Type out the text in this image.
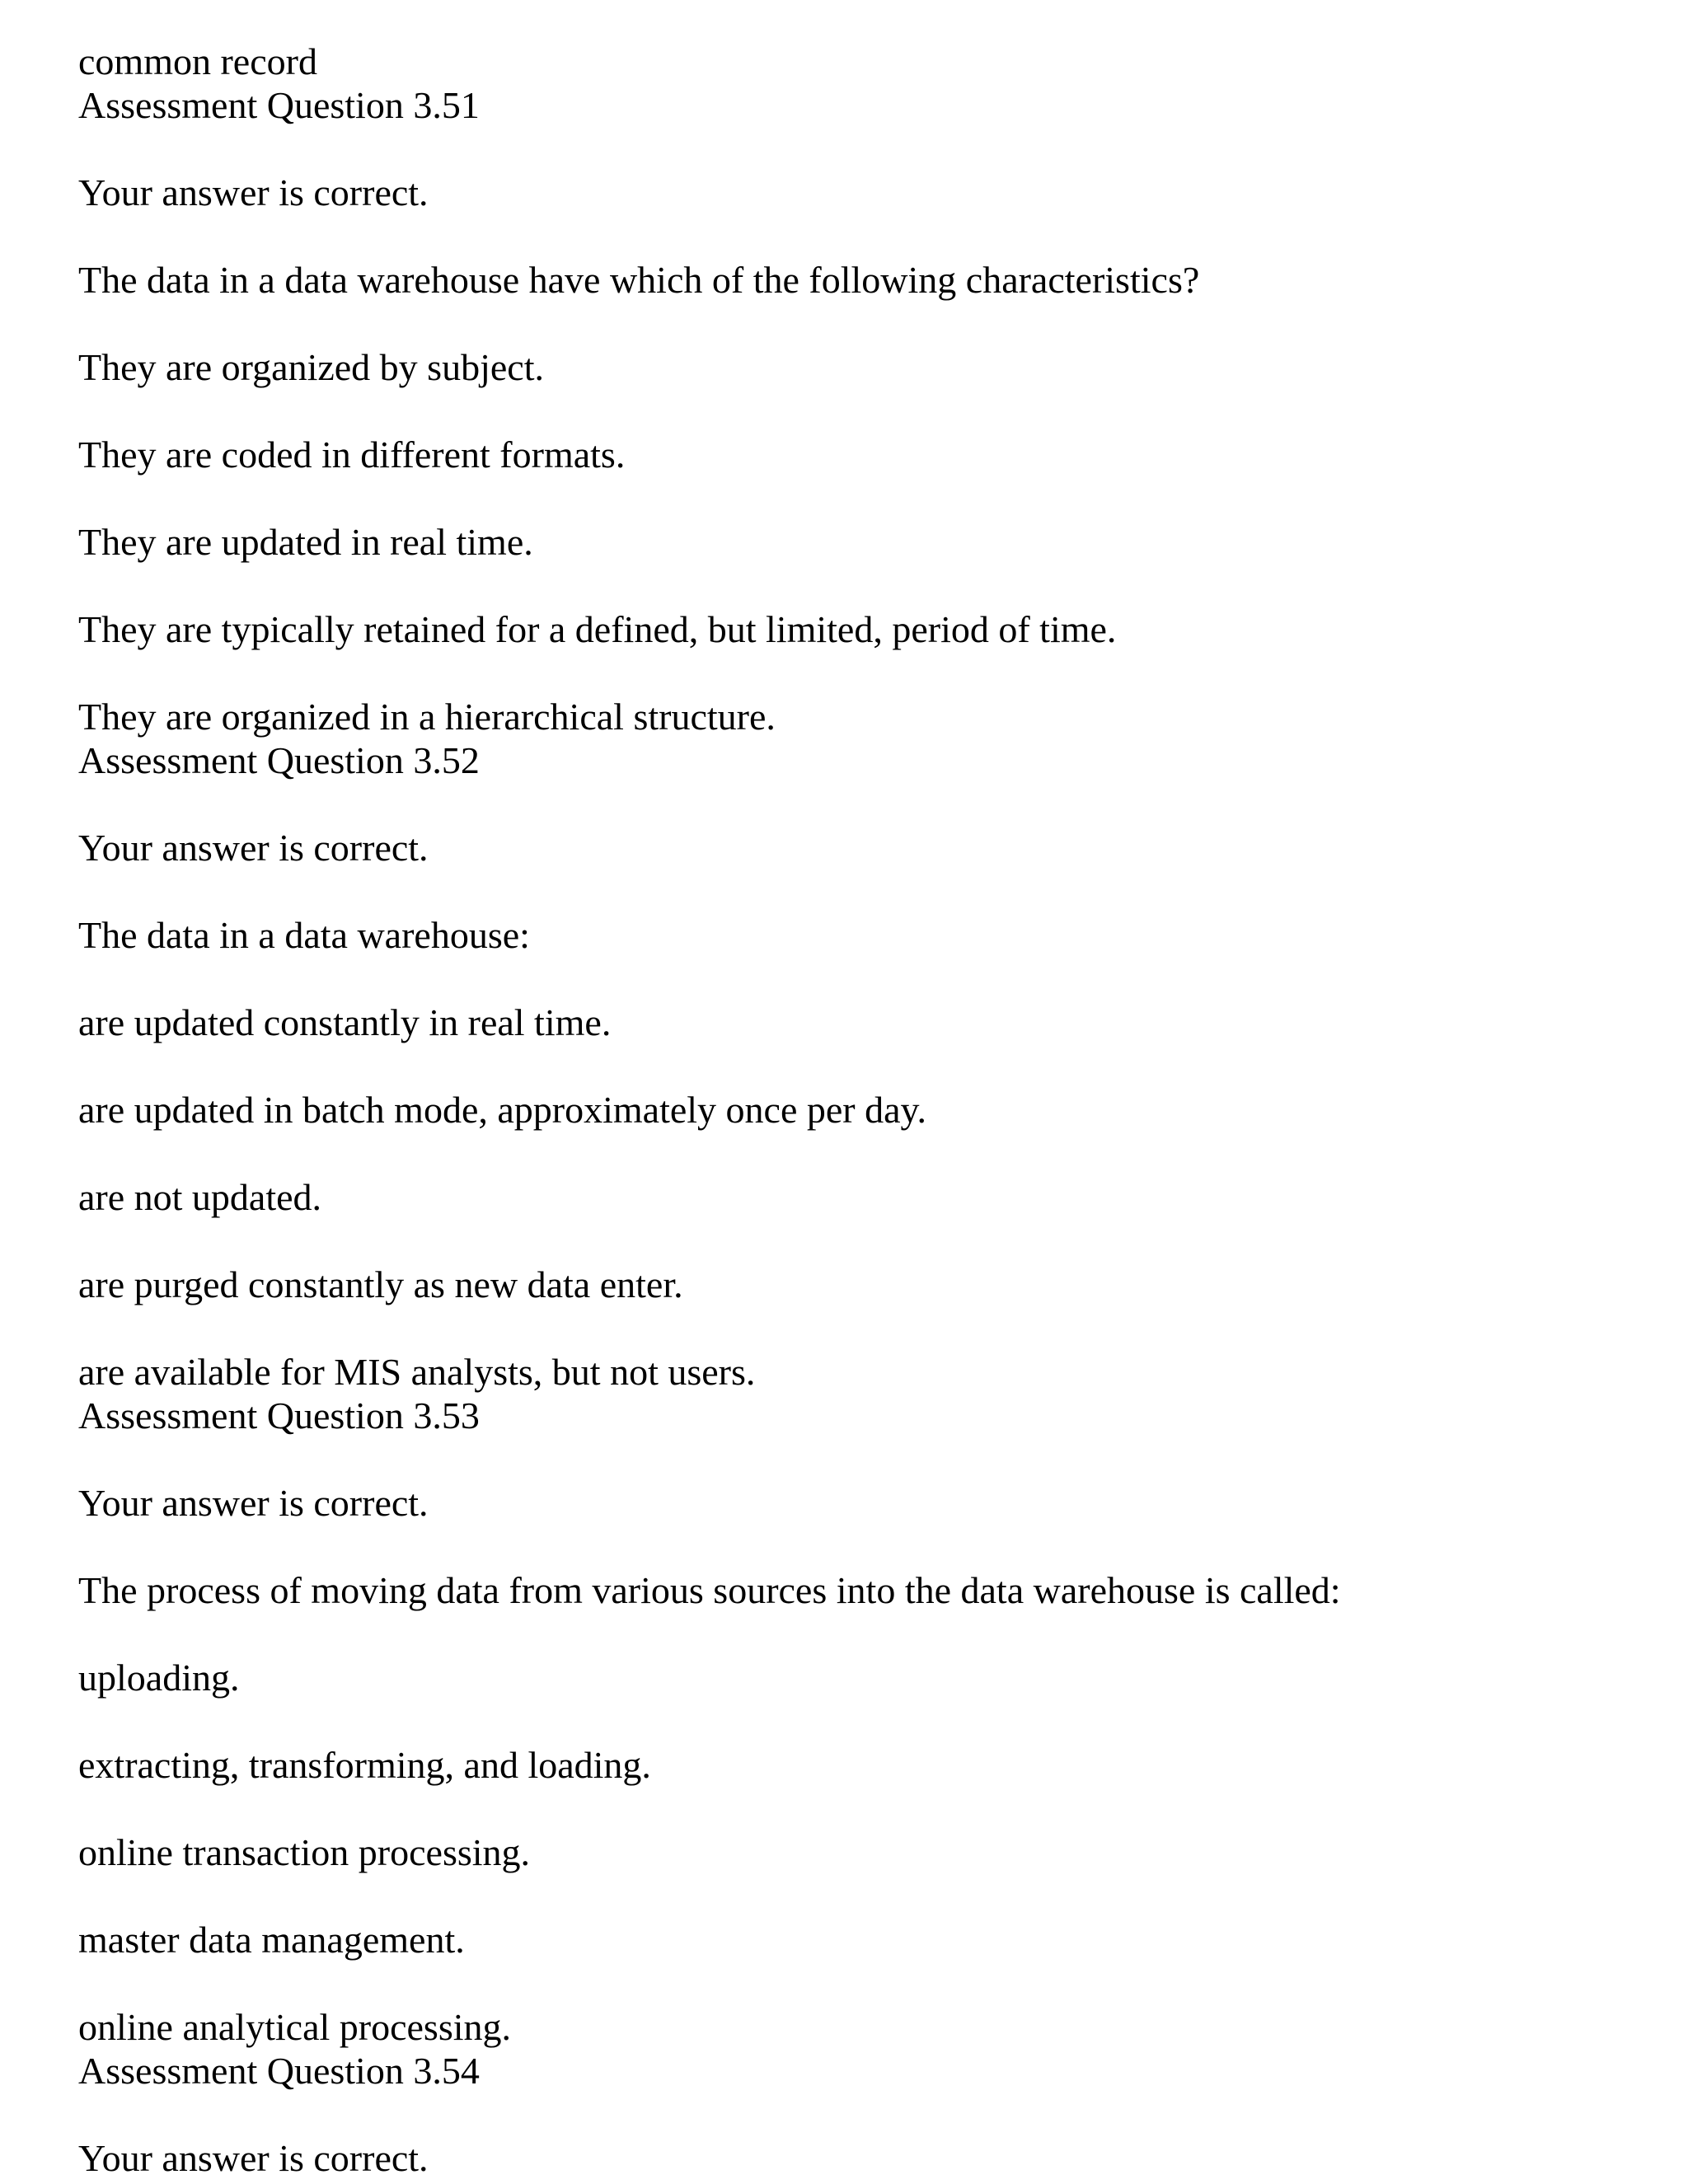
common record
Assessment Question 3.51
Your answer is correct.
The data in a data warehouse have which of the following characteristics?
They are organized by subject.
They are coded in different formats.
They are updated in real time.
They are typically retained for a defined, but limited, period of time.
They are organized in a hierarchical structure.
Assessment Question 3.52
Your answer is correct.
The data in a data warehouse:
are updated constantly in real time.
are updated in batch mode, approximately once per day.
are not updated.
are purged constantly as new data enter.
are available for MIS analysts, but not users.
Assessment Question 3.53
Your answer is correct.
The process of moving data from various sources into the data warehouse is called:
uploading.
extracting, transforming, and loading.
online transaction processing.
master data management.
online analytical processing.
Assessment Question 3.54
Your answer is correct.
